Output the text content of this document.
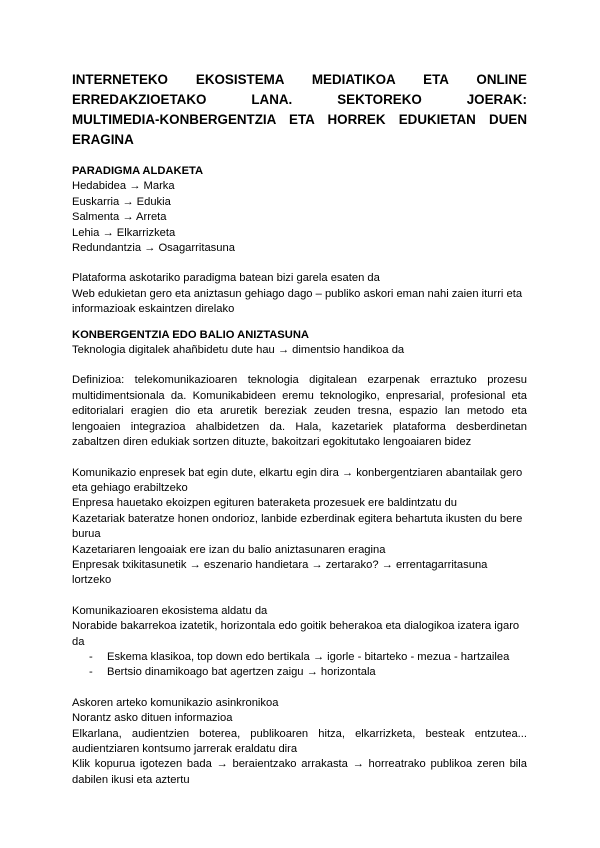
INTERNETEKO EKOSISTEMA MEDIATIKOA ETA ONLINE
ERREDAKZIOETAKO LANA. SEKTOREKO JOERAK:
MULTIMEDIA-KONBERGENTZIA ETA HORREK EDUKIETAN DUEN
ERAGINA

PARADIGMA ALDAKETA

Hedabidea → Marka

Euskarria → Edukia

Salmenta → Arreta

Lehia → Elkarrizketa

Redundantzia → Osagarritasuna

Plataforma askotariko paradigma batean bizi garela esaten da

Web edukietan gero eta aniztasun gehiago dago – publiko askori eman nahi zaien iturri eta informazioak eskaintzen direlako

KONBERGENTZIA EDO BALIO ANIZTASUNA

Teknologia digitalek ahañbidetu dute hau → dimentsio handikoa da

Definizioa: telekomunikazioaren teknologia digitalean ezarpenak erraztuko prozesu multidimentsionala da. Komunikabideen eremu teknologiko, enpresarial, profesional eta editorialari eragien dio eta aruretik bereziak zeuden tresna, espazio lan metodo eta lengoaien integrazioa ahalbidetzen da. Hala, kazetariek plataforma desberdinetan zabaltzen diren edukiak sortzen dituzte, bakoitzari egokitutako lengoaiaren bidez

Komunikazio enpresek bat egin dute, elkartu egin dira → konbergentziaren abantailak gero eta gehiago erabiltzeko

Enpresa hauetako ekoizpen egituren bateraketa prozesuek ere baldintzatu du

Kazetariak bateratze honen ondorioz, lanbide ezberdinak egitera behartuta ikusten du bere burua

Kazetariaren lengoaiak ere izan du balio aniztasunaren eragina

Enpresak txikitasunetik → eszenario handietara → zertarako? → errentagarritasuna lortzeko

Komunikazioaren ekosistema aldatu da

Norabide bakarrekoa izatetik, horizontala edo goitik beherakoa eta dialogikoa izatera igaro da

- Eskema klasikoa, top down edo bertikala → igorle - bitarteko - mezua - hartzailea
- Bertsio dinamikoago bat agertzen zaigu → horizontala

Askoren arteko komunikazio asinkronikoa

Norantz asko dituen informazioa

Elkarlana, audientzien boterea, publikoaren hitza, elkarrizketa, besteak entzutea... audientziaren kontsumo jarrerak eraldatu dira

Klik kopurua igotezen bada → beraientzako arrakasta → horreatrako publikoa zeren bila dabilen ikusi eta aztertu
